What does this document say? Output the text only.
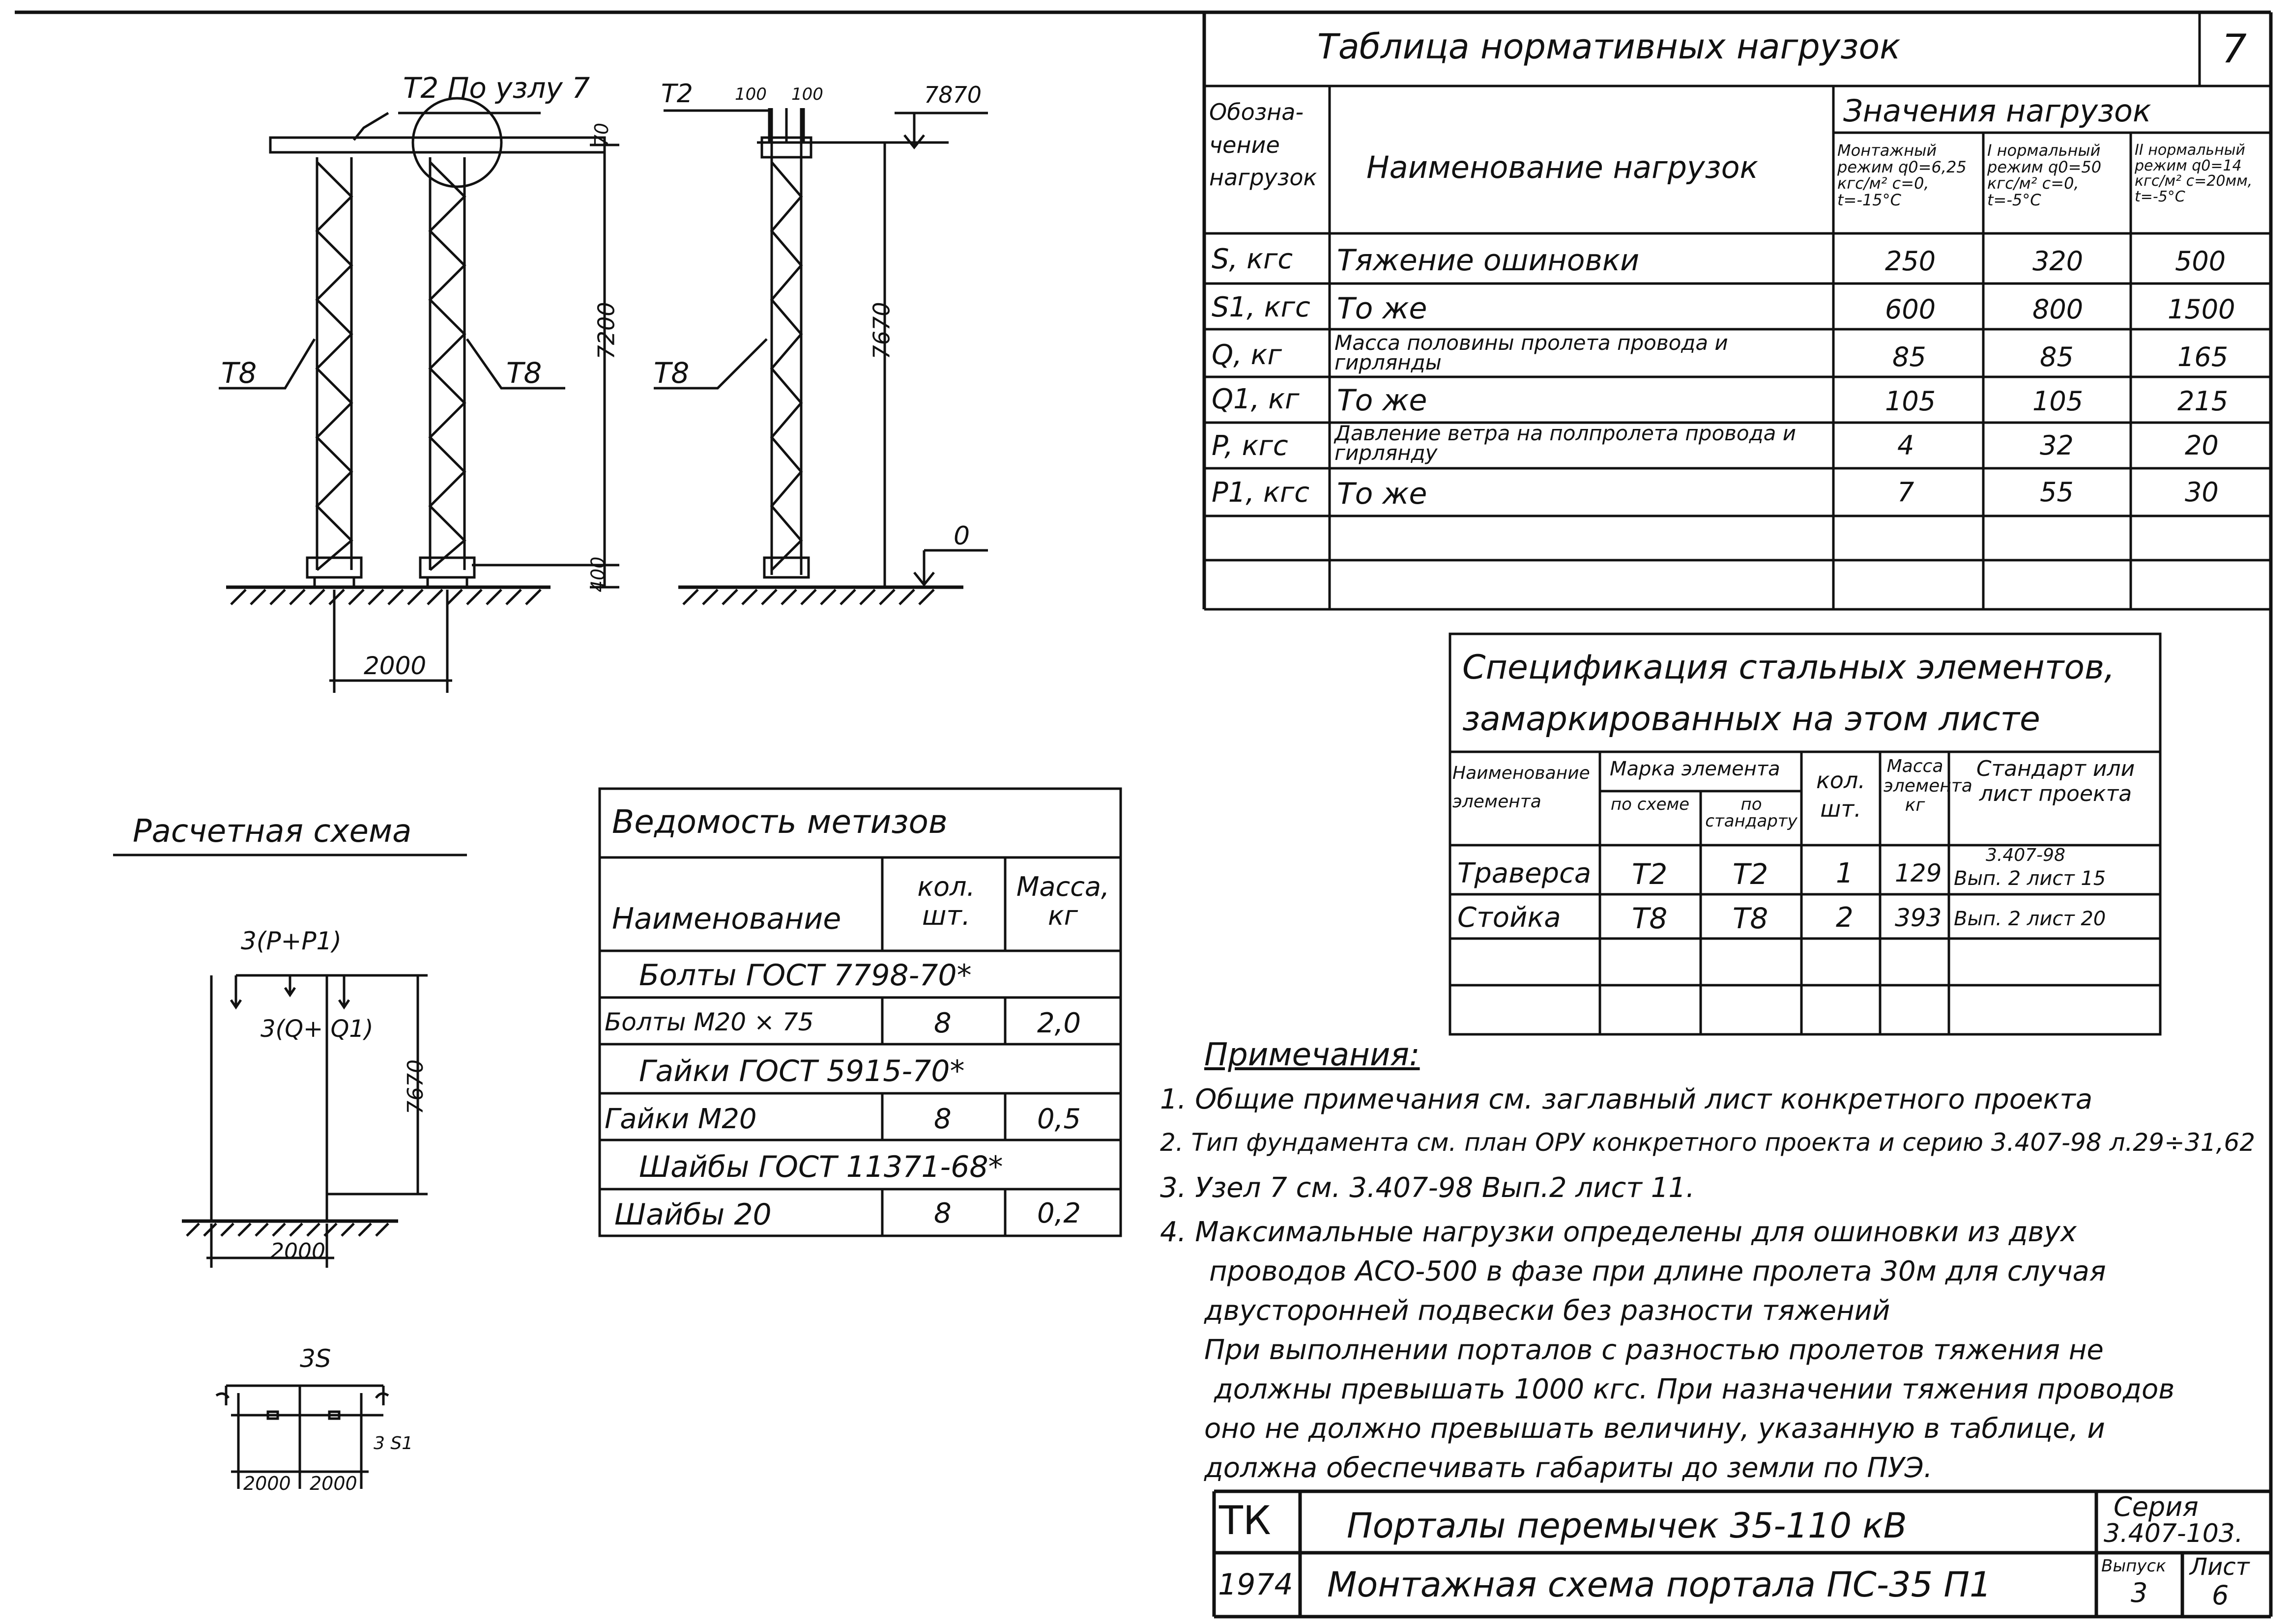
7
Т2 По узлу 7
70
7200
400
2000
Т8	Т8
Т2	100 100	7870
0
7670
Т8
Расчетная схема
3(P+P1)
3(Q+ Q1)
7670
2000
3S
3 S1
2000 2000
Таблица нормативных нагрузок
Обозна-
чение
нагрузок Наименование нагрузок
Значения нагрузок
Монтажный режим q0=6,25 кгс/м² c=0, t=-15°C
I нормальный режим q0=50 кгс/м² c=0, t=-5°C
II нормальный режим q0=14 кгс/м² c=20мм, t=-5°C
S, кгс Тяжение ошиновки	250	320	500
S1, кгс То же	600	800	1500
Q, кг	Масса половины пролета провода и гирлянды	85	85	165
Q1, кг То же	105	105	215
P, кгс Давление ветра на полпролета провода и гирлянду	4	32	20
P1, кгс То же	7	55	30
Спецификация стальных элементов,
замаркированных на этом листе
Наименование элемента
Марка элемента
по схеме	по стандарту
кол. шт.
Масса элемента кг
Стандарт или лист проекта
Траверса Т2 Т2 1 129
3.407-98
Вып. 2 лист 15
Стойка Т8 Т8 2 393
3.407-98
Вып. 2 лист 20
Ведомость метизов
Наименование
кол. шт.
Масса, кг
Болты ГОСТ 7798-70*
Болты М20 × 75	8	2,0
Гайки ГОСТ 5915-70*
Гайки М20	8	0,5
Шайбы ГОСТ 11371-68*
Шайбы 20	8	0,2
Примечания:
1. Общие примечания см. заглавный лист конкретного проекта
2. Тип фундамента см. план ОРУ конкретного проекта и серию 3.407-98 л.29÷31,62
3. Узел 7 см. 3.407-98 Вып.2 лист 11.
4. Максимальные нагрузки определены для ошиновки из двух
проводов АСО-500 в фазе при длине пролета 30м для случая
двусторонней подвески без разности тяжений
При выполнении порталов с разностью пролетов тяжения не
должны превышать 1000 кгс. При назначении тяжения проводов
оно не должно превышать величину, указанную в таблице, и
должна обеспечивать габариты до земли по ПУЭ.
ТК
1974
Порталы перемычек 35-110 кВ
Монтажная схема портала ПС-35 П1
Серия
3.407-103.
Выпуск
3
Лист
6
